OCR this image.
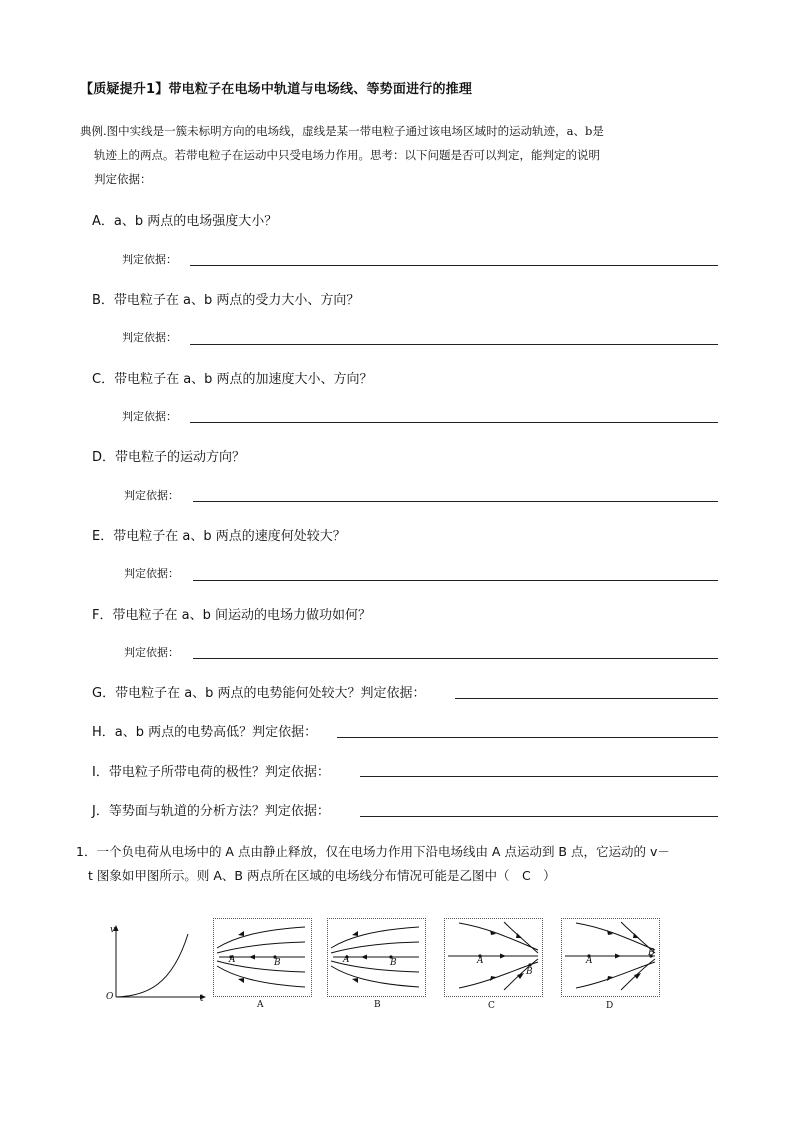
【质疑提升1】带电粒子在电场中轨道与电场线、等势面进行的推理
典例.图中实线是一簇未标明方向的电场线，虚线是某一带电粒子通过该电场区域时的运动轨迹，a、b是
轨迹上的两点。若带电粒子在运动中只受电场力作用。思考：以下问题是否可以判定，能判定的说明
判定依据：
A．a、b 两点的电场强度大小？
判定依据：
B．带电粒子在 a、b 两点的受力大小、方向？
判定依据：
C．带电粒子在 a、b 两点的加速度大小、方向？
判定依据：
D．带电粒子的运动方向？
判定依据：
E．带电粒子在 a、b 两点的速度何处较大？
判定依据：
F．带电粒子在 a、b 间运动的电场力做功如何？
判定依据：
G．带电粒子在 a、b 两点的电势能何处较大？判定依据：
H．a、b 两点的电势高低？判定依据：
I．带电粒子所带电荷的极性？判定依据：
J．等势面与轨道的分析方法？判定依据：
1．一个负电荷从电场中的 A 点由静止释放，仅在电场力作用下沿电场线由 A 点运动到 B 点，它运动的 v－
t 图象如甲图所示。则 A、B 两点所在区域的电场线分布情况可能是乙图中（　C　）
v
t
O
A	B
A
A	B
B
A
B
C
A
B
D
